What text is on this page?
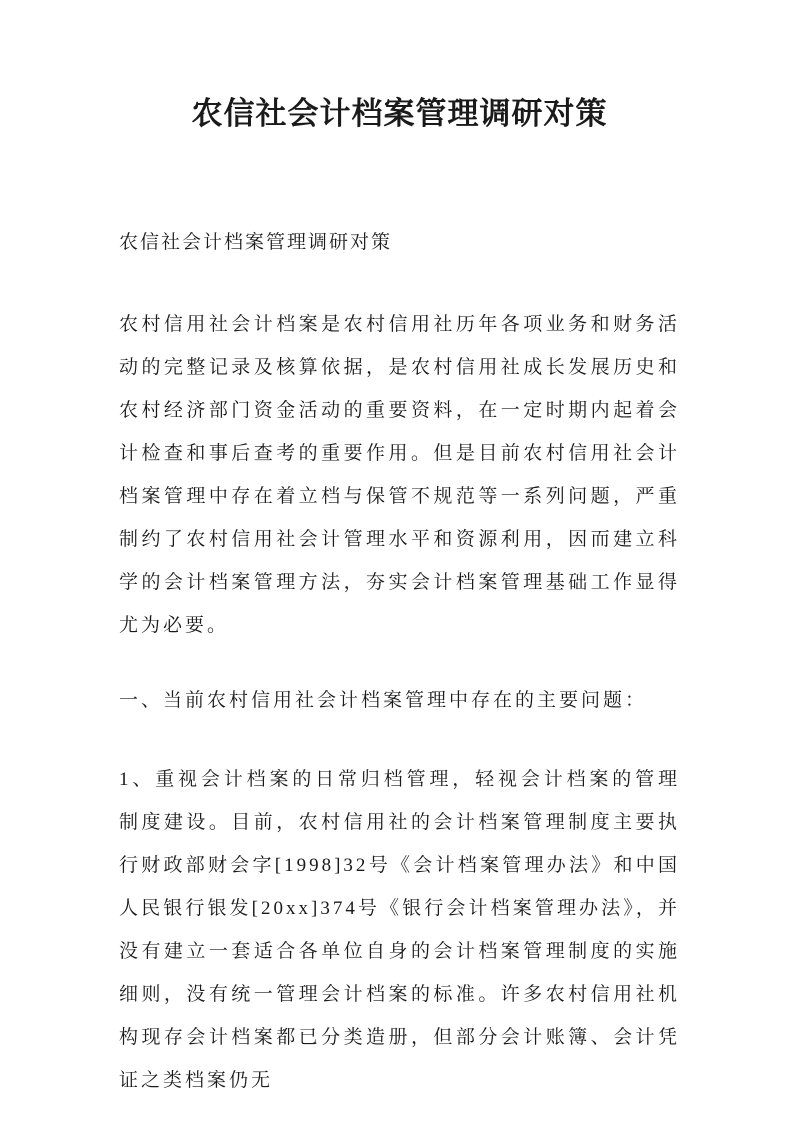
农信社会计档案管理调研对策

农信社会计档案管理调研对策

农村信用社会计档案是农村信用社历年各项业务和财务活动的完整记录及核算依据，是农村信用社成长发展历史和农村经济部门资金活动的重要资料，在一定时期内起着会计检查和事后查考的重要作用。但是目前农村信用社会计档案管理中存在着立档与保管不规范等一系列问题，严重制约了农村信用社会计管理水平和资源利用，因而建立科学的会计档案管理方法，夯实会计档案管理基础工作显得尤为必要。

一、当前农村信用社会计档案管理中存在的主要问题：

1、重视会计档案的日常归档管理，轻视会计档案的管理制度建设。目前，农村信用社的会计档案管理制度主要执行财政部财会字[1998]32号《会计档案管理办法》和中国人民银行银发[20xx]374号《银行会计档案管理办法》，并没有建立一套适合各单位自身的会计档案管理制度的实施细则，没有统一管理会计档案的标准。许多农村信用社机构现存会计档案都已分类造册，但部分会计账簿、会计凭证之类档案仍无
